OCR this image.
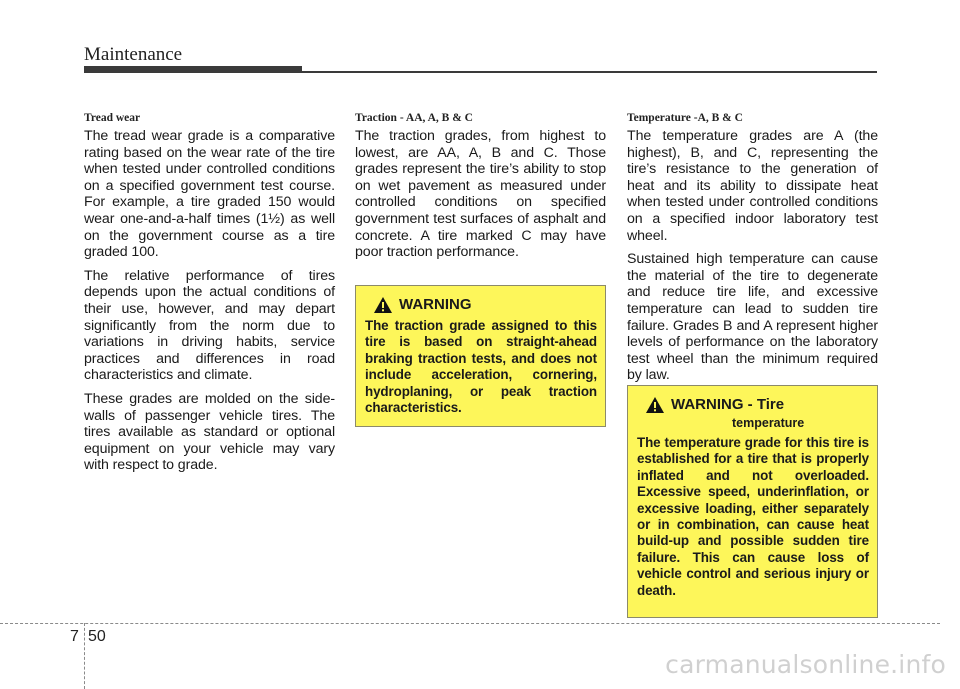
Maintenance
Tread wear

The tread wear grade is a comparative rating based on the wear rate of the tire when tested under controlled conditions on a specified government test course. For example, a tire graded 150 would wear one-and-a-half times (1½) as well on the government course as a tire graded 100.

The relative performance of tires depends upon the actual conditions of their use, however, and may depart significantly from the norm due to variations in driving habits, service practices and differences in road characteristics and climate.

These grades are molded on the side-walls of passenger vehicle tires. The tires available as standard or optional equipment on your vehicle may vary with respect to grade.

Traction - AA, A, B & C

The traction grades, from highest to lowest, are AA, A, B and C. Those grades represent the tire’s ability to stop on wet pavement as measured under controlled conditions on specified government test surfaces of asphalt and concrete. A tire marked C may have poor traction performance.

WARNING

The traction grade assigned to this tire is based on straight-ahead braking traction tests, and does not include acceleration, cornering, hydroplaning, or peak traction characteristics.

Temperature -A, B & C

The temperature grades are A (the highest), B, and C, representing the tire’s resistance to the generation of heat and its ability to dissipate heat when tested under controlled conditions on a specified indoor laboratory test wheel.

Sustained high temperature can cause the material of the tire to degenerate and reduce tire life, and excessive temperature can lead to sudden tire failure. Grades B and A represent higher levels of performance on the laboratory test wheel than the minimum required by law.

WARNING - Tire
temperature

The temperature grade for this tire is established for a tire that is properly inflated and not overloaded. Excessive speed, underinflation, or excessive loading, either separately or in combination, can cause heat build-up and possible sudden tire failure. This can cause loss of vehicle control and serious injury or death.

7 50
carmanualsonline.info
